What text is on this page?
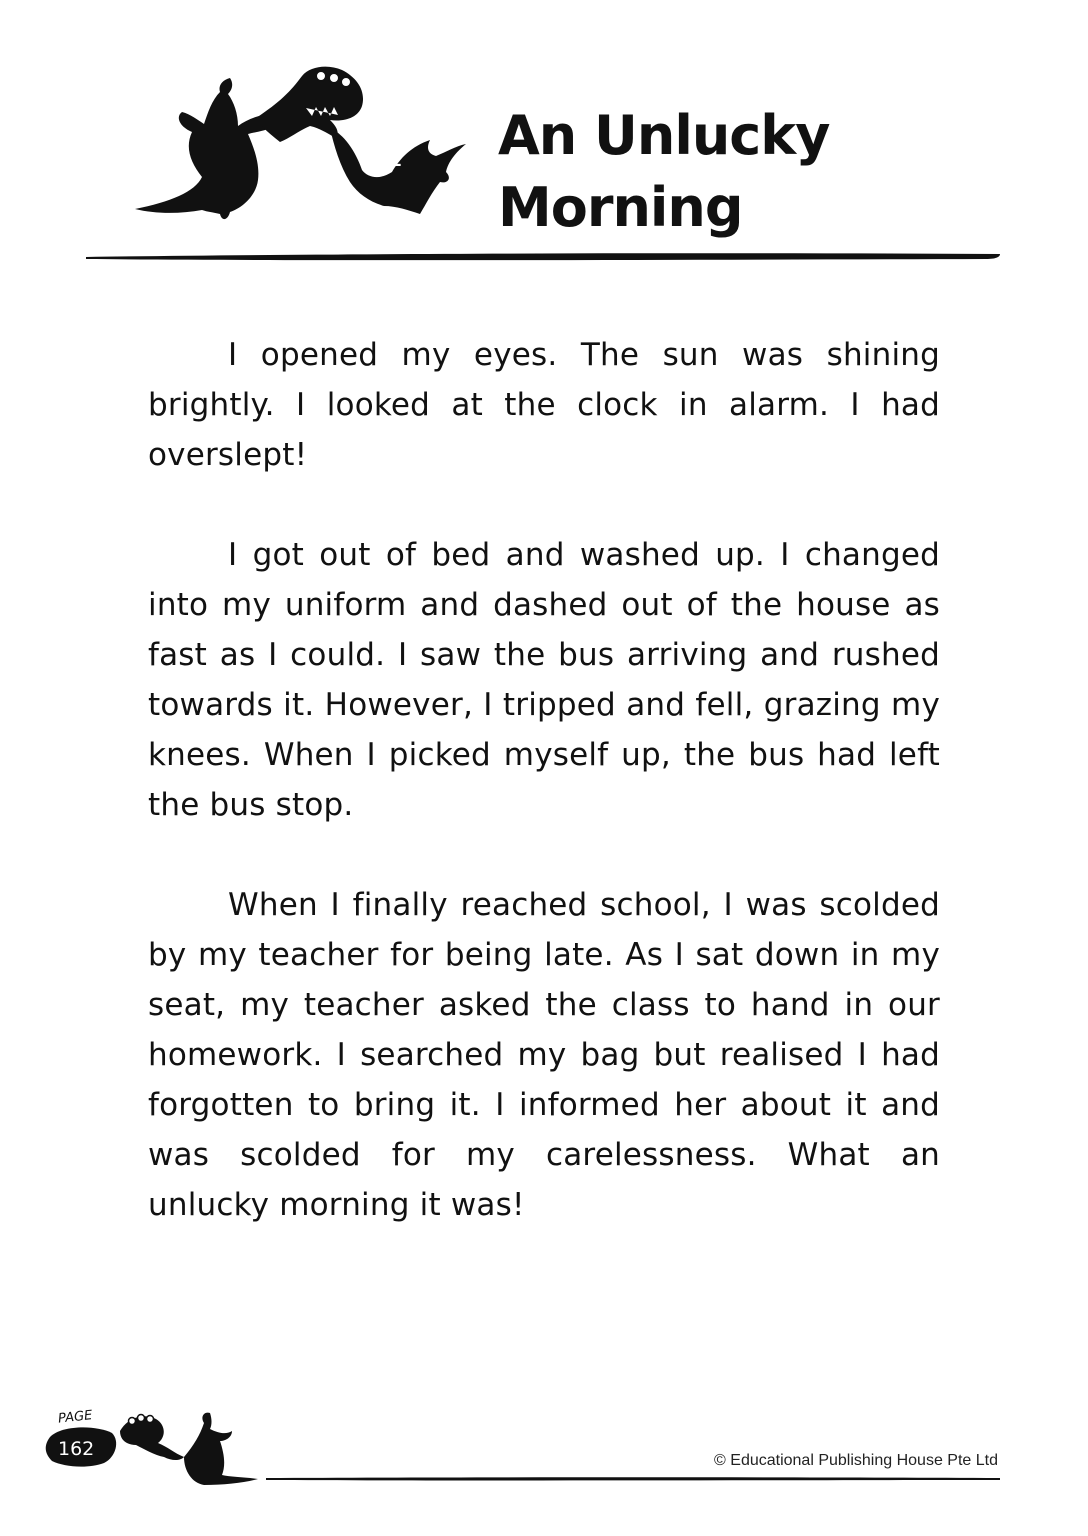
81 An Unlucky
Morning

I opened my eyes. The sun was shining brightly. I looked at the clock in alarm. I had overslept!

I got out of bed and washed up. I changed into my uniform and dashed out of the house as fast as I could. I saw the bus arriving and rushed towards it. However, I tripped and fell, grazing my knees. When I picked myself up, the bus had left the bus stop.

When I finally reached school, I was scolded by my teacher for being late. As I sat down in my seat, my teacher asked the class to hand in our homework. I searched my bag but realised I had forgotten to bring it. I informed her about it and was scolded for my carelessness. What an unlucky morning it was!

PAGE
162
© Educational Publishing House Pte Ltd
